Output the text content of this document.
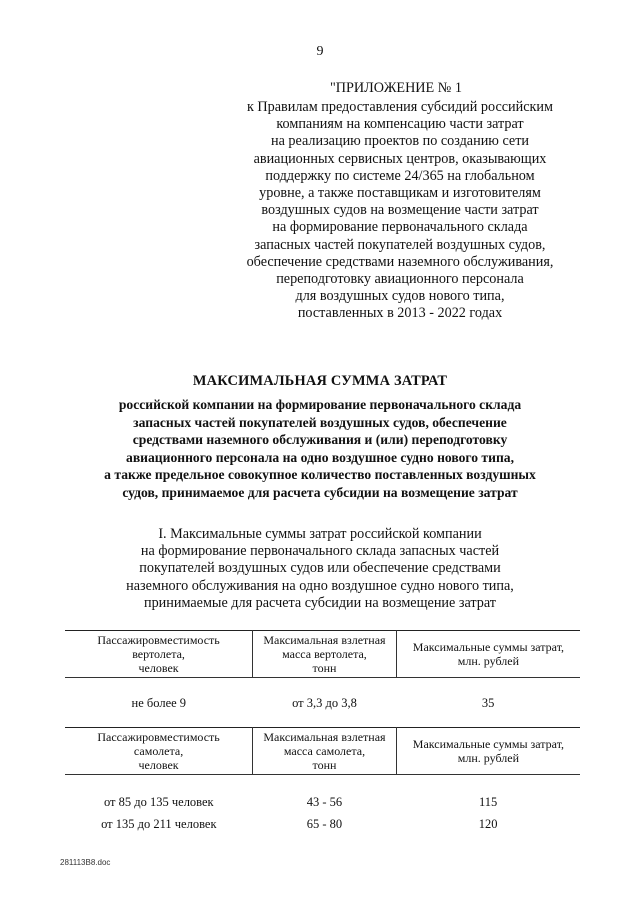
9
"ПРИЛОЖЕНИЕ № 1
к Правилам предоставления субсидий российским
компаниям на компенсацию части затрат
на реализацию проектов по созданию сети
авиационных сервисных центров, оказывающих
поддержку по системе 24/365 на глобальном
уровне, а также поставщикам и изготовителям
воздушных судов на возмещение части затрат
на формирование первоначального склада
запасных частей покупателей воздушных судов,
обеспечение средствами наземного обслуживания,
переподготовку авиационного персонала
для воздушных судов нового типа,
поставленных в 2013 - 2022 годах
МАКСИМАЛЬНАЯ СУММА ЗАТРАТ
российской компании на формирование первоначального склада
запасных частей покупателей воздушных судов, обеспечение
средствами наземного обслуживания и (или) переподготовку
авиационного персонала на одно воздушное судно нового типа,
а также предельное совокупное количество поставленных воздушных
судов, принимаемое для расчета субсидии на возмещение затрат
I. Максимальные суммы затрат российской компании
на формирование первоначального склада запасных частей
покупателей воздушных судов или обеспечение средствами
наземного обслуживания на одно воздушное судно нового типа,
принимаемые для расчета субсидии на возмещение затрат
Пассажировместимость
вертолета,
человек	Максимальная взлетная
масса вертолета,
тонн	Максимальные суммы затрат,
млн. рублей

не более 9	от 3,3 до 3,8	35
Пассажировместимость
самолета,
человек	Максимальная взлетная
масса самолета,
тонн	Максимальные суммы затрат,
млн. рублей

от 85 до 135 человек	43 - 56	115
от 135 до 211 человек	65 - 80	120
281113B8.doc
